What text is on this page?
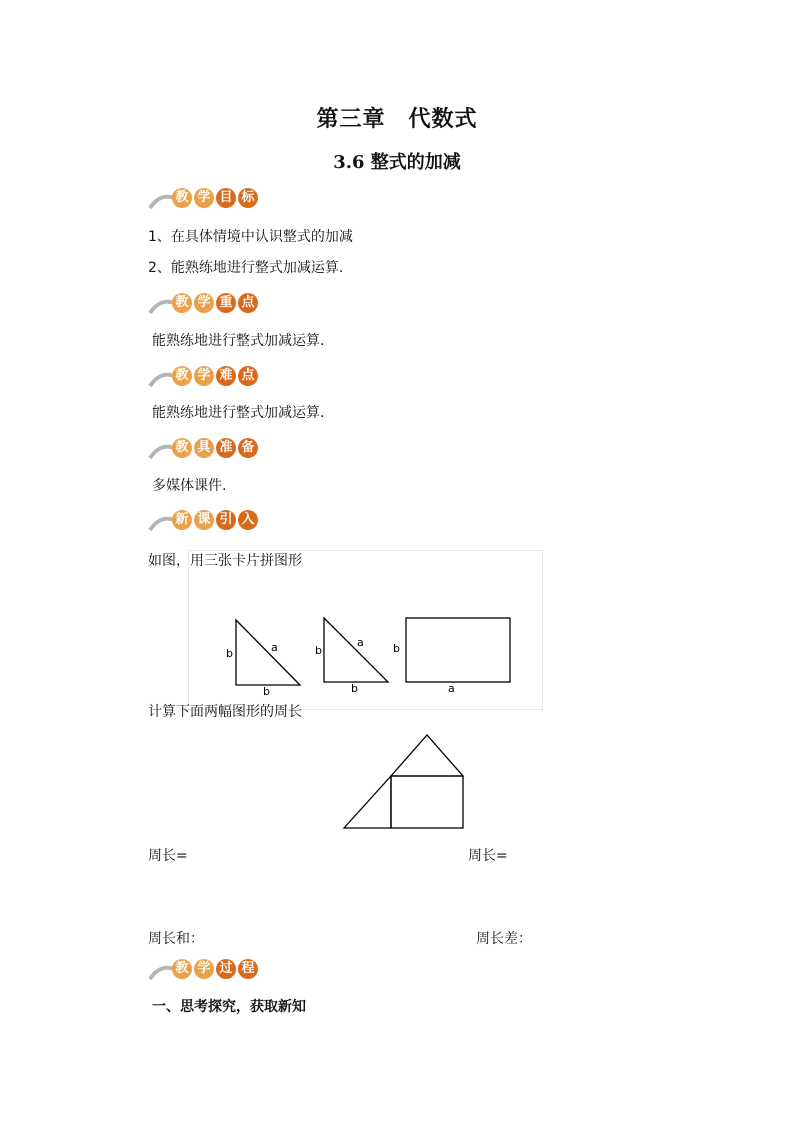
第三章　代数式
3.6 整式的加减
教 学 目 标
1、在具体情境中认识整式的加减
2、能熟练地进行整式加减运算.
教 学 重 点
能熟练地进行整式加减运算.
教 学 难 点
能熟练地进行整式加减运算.
教 具 准 备
多媒体课件.
新 课 引 入
如图，用三张卡片拼图形
b	a
b
b
a
b
b
a
计算下面两幅图形的周长
周长=	周长=
周长和：	周长差：
教 学 过 程
一、思考探究，获取新知
